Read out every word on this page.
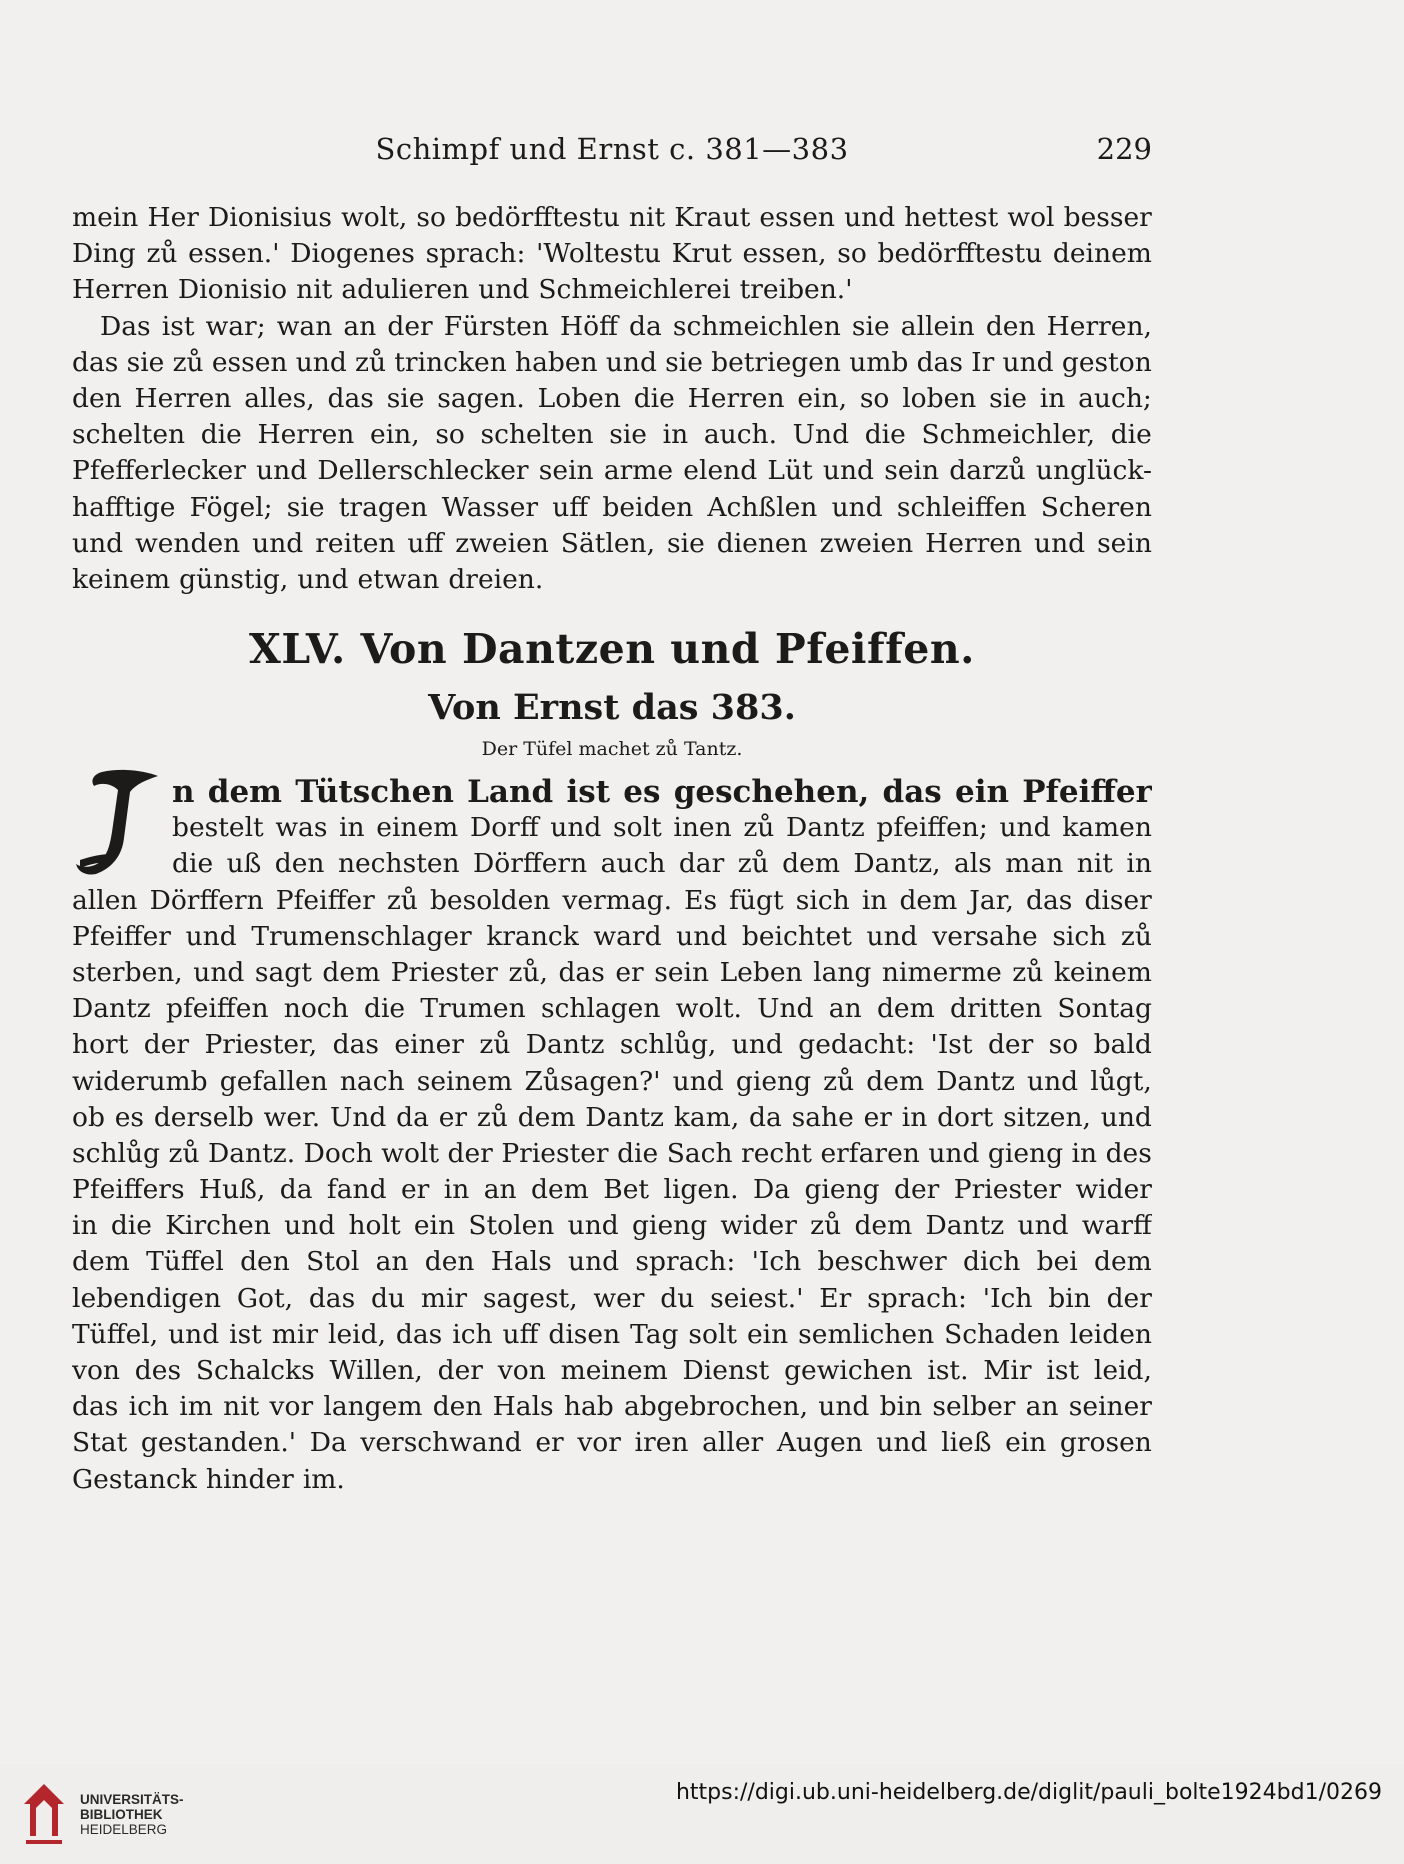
Schimpf und Ernst c. 381—383	229
mein Her Dionisius wolt, so bedörfftestu nit Kraut essen und hettest wol besser
Ding zů essen.' Diogenes sprach: 'Woltestu Krut essen, so bedörfftestu deinem
Herren Dionisio nit adulieren und Schmeichlerei treiben.'
Das ist war; wan an der Fürsten Höff da schmeichlen sie allein den Herren,
das sie zů essen und zů trincken haben und sie betriegen umb das Ir und geston
den Herren alles, das sie sagen. Loben die Herren ein, so loben sie in auch;
schelten die Herren ein, so schelten sie in auch. Und die Schmeichler, die
Pfefferlecker und Dellerschlecker sein arme elend Lüt und sein darzů unglück-
hafftige Fögel; sie tragen Wasser uff beiden Achßlen und schleiffen Scheren
und wenden und reiten uff zweien Sätlen, sie dienen zweien Herren und sein
keinem günstig, und etwan dreien.
XLV. Von Dantzen und Pfeiffen.
Von Ernst das 383.
Der Tüfel machet zů Tantz.
n dem Tütschen Land ist es geschehen, das ein Pfeiffer
bestelt was in einem Dorff und solt inen zů Dantz pfeiffen; und kamen
die uß den nechsten Dörffern auch dar zů dem Dantz, als man nit in
allen Dörffern Pfeiffer zů besolden vermag. Es fügt sich in dem Jar, das diser
Pfeiffer und Trumenschlager kranck ward und beichtet und versahe sich zů
sterben, und sagt dem Priester zů, das er sein Leben lang nimerme zů keinem
Dantz pfeiffen noch die Trumen schlagen wolt. Und an dem dritten Sontag
hort der Priester, das einer zů Dantz schlůg, und gedacht: 'Ist der so bald
widerumb gefallen nach seinem Zůsagen?' und gieng zů dem Dantz und lůgt,
ob es derselb wer. Und da er zů dem Dantz kam, da sahe er in dort sitzen, und
schlůg zů Dantz. Doch wolt der Priester die Sach recht erfaren und gieng in des
Pfeiffers Huß, da fand er in an dem Bet ligen. Da gieng der Priester wider
in die Kirchen und holt ein Stolen und gieng wider zů dem Dantz und warff
dem Tüffel den Stol an den Hals und sprach: 'Ich beschwer dich bei dem
lebendigen Got, das du mir sagest, wer du seiest.' Er sprach: 'Ich bin der
Tüffel, und ist mir leid, das ich uff disen Tag solt ein semlichen Schaden leiden
von des Schalcks Willen, der von meinem Dienst gewichen ist. Mir ist leid,
das ich im nit vor langem den Hals hab abgebrochen, und bin selber an seiner
Stat gestanden.' Da verschwand er vor iren aller Augen und ließ ein grosen
Gestanck hinder im.
UNIVERSITÄTS-
BIBLIOTHEK
HEIDELBERG
https://digi.ub.uni-heidelberg.de/diglit/pauli_bolte1924bd1/0269
